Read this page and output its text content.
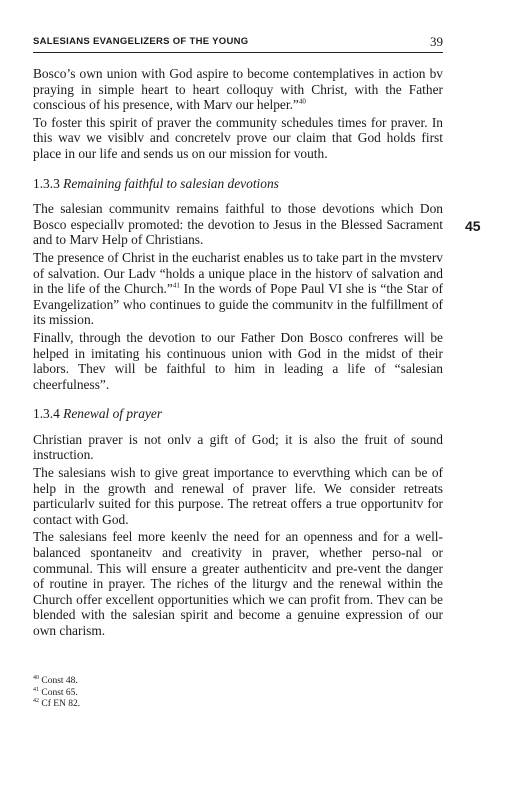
SALESIANS EVANGELIZERS OF THE YOUNG	39
45

Bosco’s own union with God aspire to become contemplatives in action bv praying in simple heart to heart colloquy with Christ, with the Father conscious of his presence, with Marv our helper.”$^{40}$

To foster this spirit of praver the community schedules times for praver. In this wav we visiblv and concretelv prove our claim that God holds first place in our life and sends us on our mission for vouth.

1.3.3 Remaining faithful to salesian devotions

The salesian communitv remains faithful to those devotions which Don Bosco especiallv promoted: the devotion to Jesus in the Blessed Sacrament and to Marv Help of Christians.

The presence of Christ in the eucharist enables us to take part in the mvsterv of salvation. Our Ladv “holds a unique place in the historv of salvation and in the life of the Church.”$^{41}$ In the words of Pope Paul VI she is “the Star of Evangelization” who continues to guide the communitv in the fulfillment of its mission.

Finallv, through the devotion to our Father Don Bosco confreres will be helped in imitating his continuous union with God in the midst of their labors. Thev will be faithful to him in leading a life of “salesian cheerfulness”.

1.3.4 Renewal of prayer

Christian praver is not onlv a gift of God; it is also the fruit of sound instruction.

The salesians wish to give great importance to evervthing which can be of help in the growth and renewal of praver life. We consider retreats particularlv suited for this purpose. The retreat offers a true opportunitv for contact with God.

The salesians feel more keenlv the need for an openness and for a well-balanced spontaneitv and creativity in praver, whether perso-nal or communal. This will ensure a greater authenticitv and pre-vent the danger of routine in prayer. The riches of the liturgv and the renewal within the Church offer excellent opportunities which we can profit from. Thev can be blended with the salesian spirit and become a genuine expression of our own charism.

$^{40}$ Const 48.
$^{41}$ Const 65.
$^{42}$ Cf EN 82.
